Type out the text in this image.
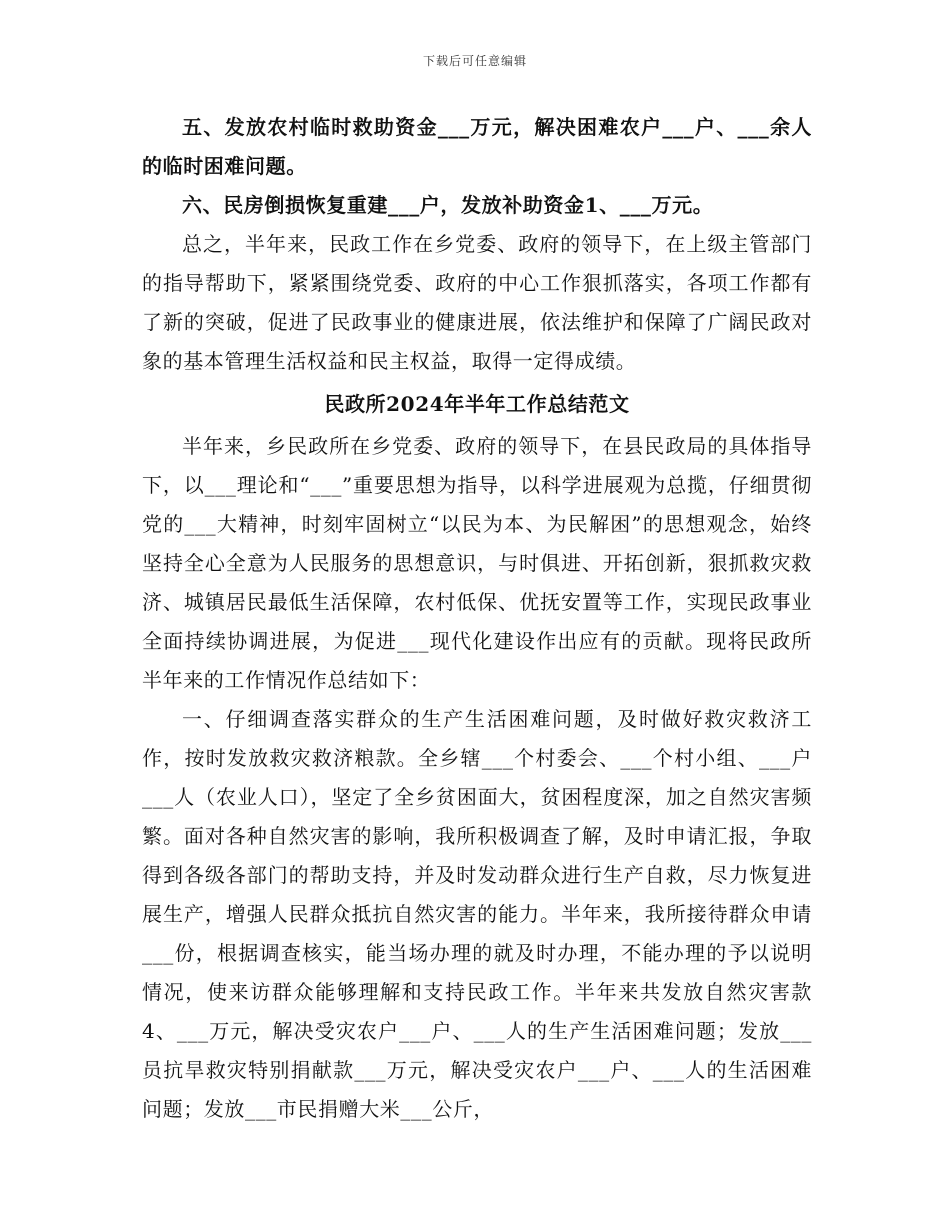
下载后可任意编辑

五、发放农村临时救助资金___万元，解决困难农户___户、___余人的临时困难问题。

六、民房倒损恢复重建___户，发放补助资金1、___万元。

总之，半年来，民政工作在乡党委、政府的领导下，在上级主管部门的指导帮助下，紧紧围绕党委、政府的中心工作狠抓落实，各项工作都有了新的突破，促进了民政事业的健康进展，依法维护和保障了广阔民政对象的基本管理生活权益和民主权益，取得一定得成绩。

民政所2024年半年工作总结范文

半年来，乡民政所在乡党委、政府的领导下，在县民政局的具体指导下，以___理论和“___”重要思想为指导，以科学进展观为总揽，仔细贯彻党的___大精神，时刻牢固树立“以民为本、为民解困”的思想观念，始终坚持全心全意为人民服务的思想意识，与时俱进、开拓创新，狠抓救灾救济、城镇居民最低生活保障，农村低保、优抚安置等工作，实现民政事业全面持续协调进展，为促进___现代化建设作出应有的贡献。现将民政所半年来的工作情况作总结如下：

一、仔细调查落实群众的生产生活困难问题，及时做好救灾救济工作，按时发放救灾救济粮款。全乡辖___个村委会、___个村小组、___户___人（农业人口），坚定了全乡贫困面大，贫困程度深，加之自然灾害频繁。面对各种自然灾害的影响，我所积极调查了解，及时申请汇报，争取得到各级各部门的帮助支持，并及时发动群众进行生产自救，尽力恢复进展生产，增强人民群众抵抗自然灾害的能力。半年来，我所接待群众申请___份，根据调查核实，能当场办理的就及时办理，不能办理的予以说明情况，使来访群众能够理解和支持民政工作。半年来共发放自然灾害款4、___万元，解决受灾农户___户、___人的生产生活困难问题；发放___员抗旱救灾特别捐献款___万元，解决受灾农户___户、___人的生活困难问题；发放___市民捐赠大米___公斤，
